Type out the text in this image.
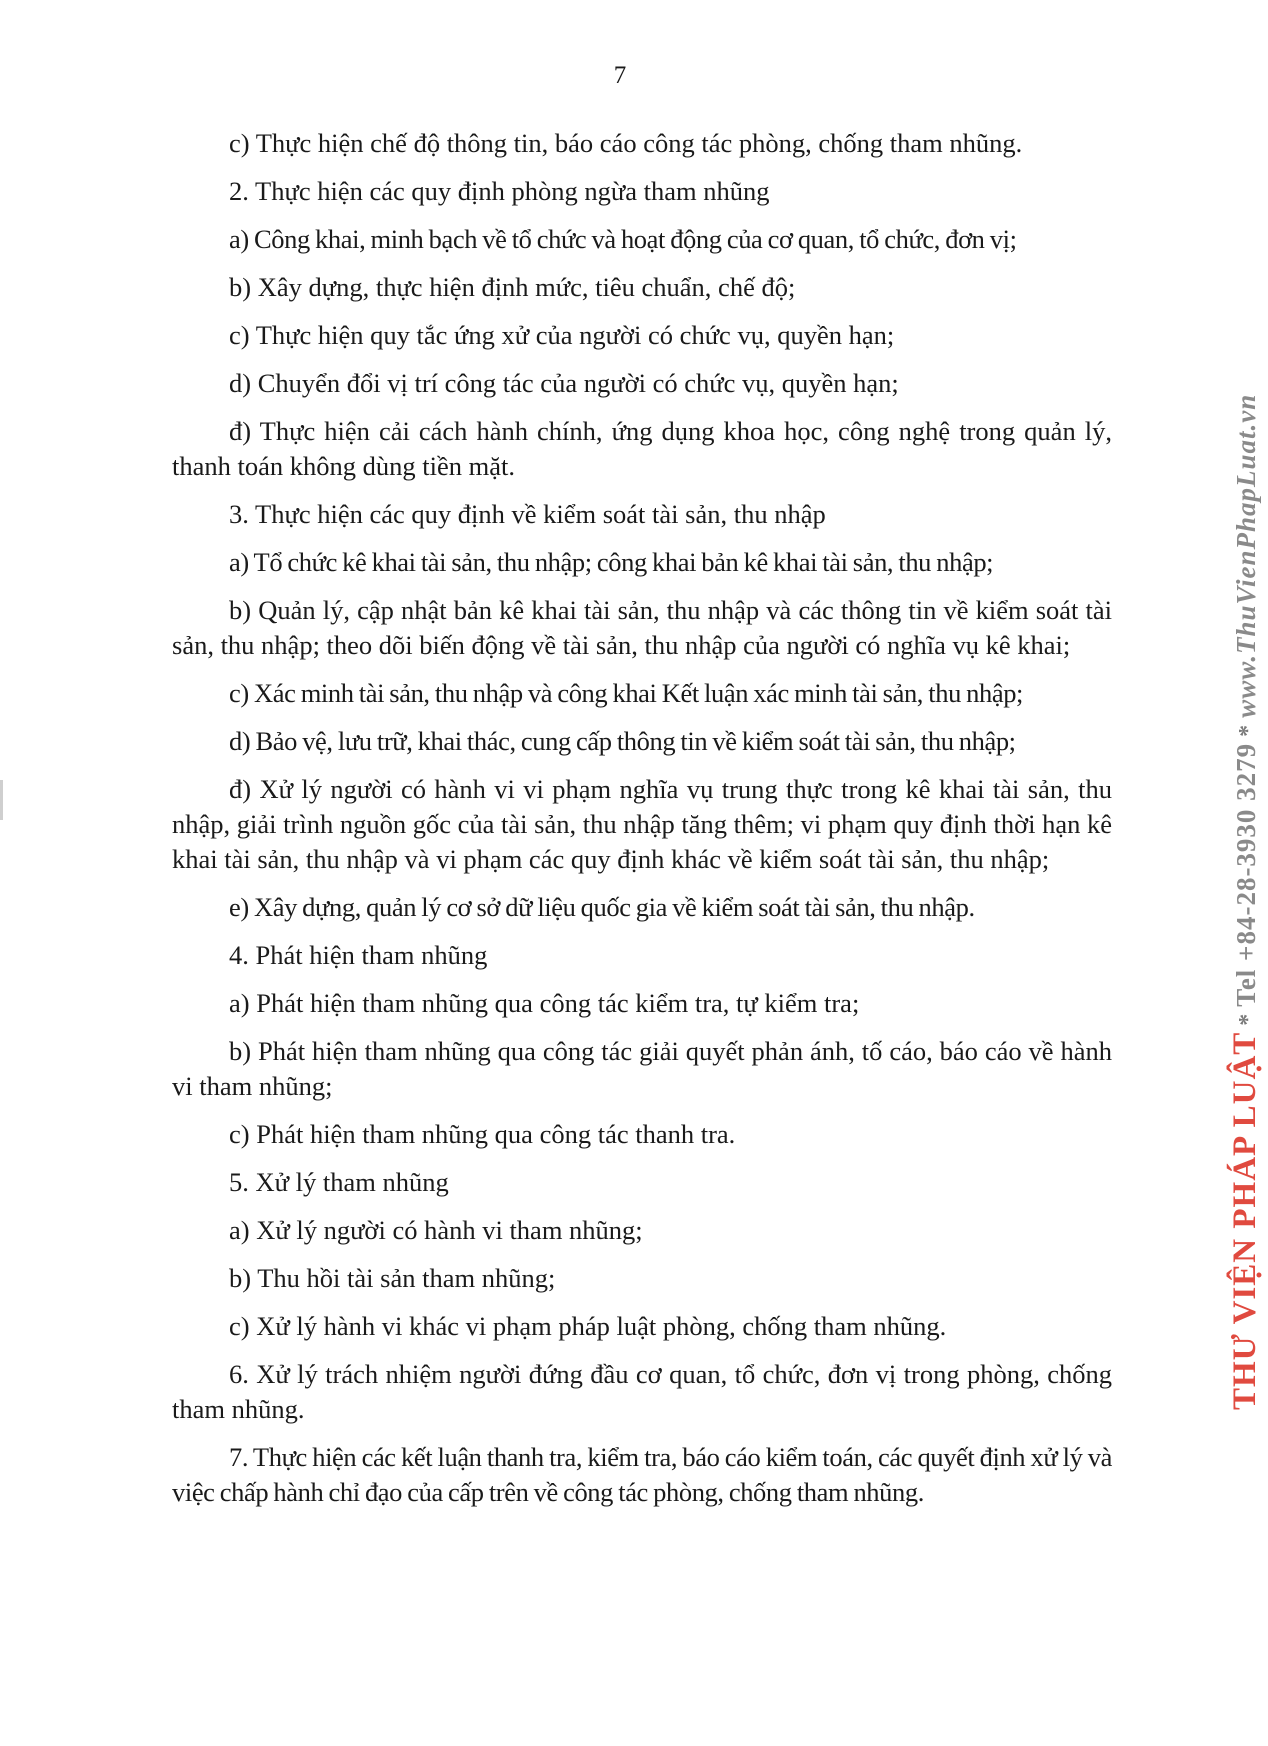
7

c) Thực hiện chế độ thông tin, báo cáo công tác phòng, chống tham nhũng.

2. Thực hiện các quy định phòng ngừa tham nhũng

a) Công khai, minh bạch về tổ chức và hoạt động của cơ quan, tổ chức, đơn vị;

b) Xây dựng, thực hiện định mức, tiêu chuẩn, chế độ;

c) Thực hiện quy tắc ứng xử của người có chức vụ, quyền hạn;

d) Chuyển đổi vị trí công tác của người có chức vụ, quyền hạn;

đ) Thực hiện cải cách hành chính, ứng dụng khoa học, công nghệ trong quản lý, thanh toán không dùng tiền mặt.

3. Thực hiện các quy định về kiểm soát tài sản, thu nhập

a) Tổ chức kê khai tài sản, thu nhập; công khai bản kê khai tài sản, thu nhập;

b) Quản lý, cập nhật bản kê khai tài sản, thu nhập và các thông tin về kiểm soát tài sản, thu nhập; theo dõi biến động về tài sản, thu nhập của người có nghĩa vụ kê khai;

c) Xác minh tài sản, thu nhập và công khai Kết luận xác minh tài sản, thu nhập;

d) Bảo vệ, lưu trữ, khai thác, cung cấp thông tin về kiểm soát tài sản, thu nhập;

đ) Xử lý người có hành vi vi phạm nghĩa vụ trung thực trong kê khai tài sản, thu nhập, giải trình nguồn gốc của tài sản, thu nhập tăng thêm; vi phạm quy định thời hạn kê khai tài sản, thu nhập và vi phạm các quy định khác về kiểm soát tài sản, thu nhập;

e) Xây dựng, quản lý cơ sở dữ liệu quốc gia về kiểm soát tài sản, thu nhập.

4. Phát hiện tham nhũng

a) Phát hiện tham nhũng qua công tác kiểm tra, tự kiểm tra;

b) Phát hiện tham nhũng qua công tác giải quyết phản ánh, tố cáo, báo cáo về hành vi tham nhũng;

c) Phát hiện tham nhũng qua công tác thanh tra.

5. Xử lý tham nhũng

a) Xử lý người có hành vi tham nhũng;

b) Thu hồi tài sản tham nhũng;

c) Xử lý hành vi khác vi phạm pháp luật phòng, chống tham nhũng.

6. Xử lý trách nhiệm người đứng đầu cơ quan, tổ chức, đơn vị trong phòng, chống tham nhũng.

7. Thực hiện các kết luận thanh tra, kiểm tra, báo cáo kiểm toán, các quyết định xử lý và việc chấp hành chỉ đạo của cấp trên về công tác phòng, chống tham nhũng.

THƯ VIỆN PHÁP LUẬT*Tel +84-28-3930 3279*www.ThuVienPhapLuat.vn
